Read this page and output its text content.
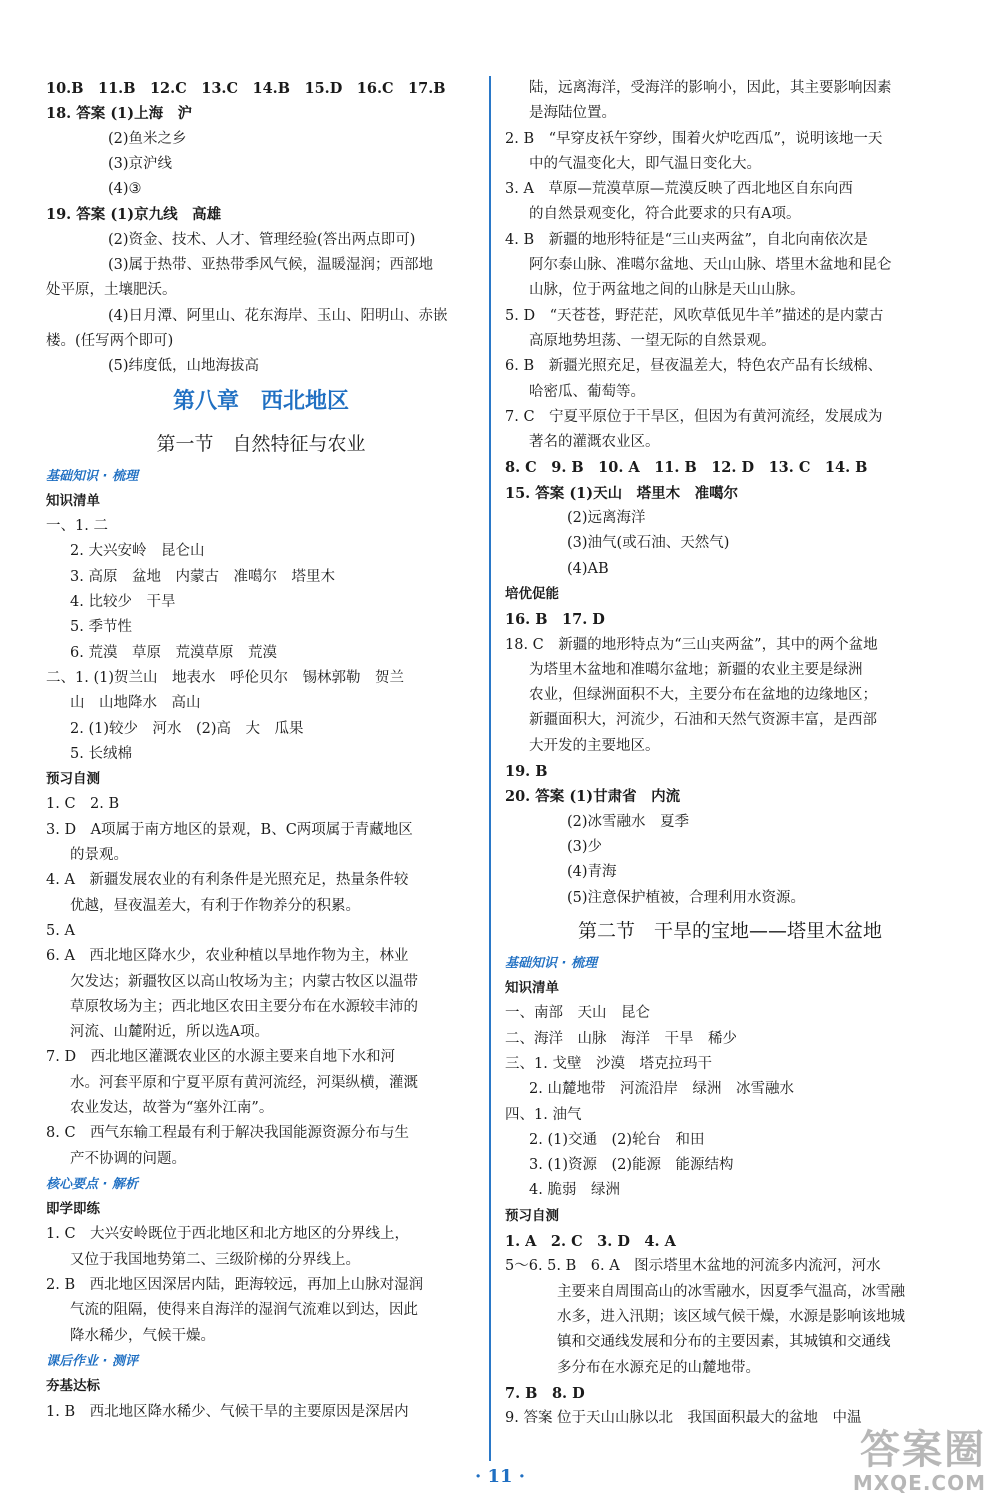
10.B　11.B　12.C　13.C　14.B　15.D　16.C　17.B
18. 答案 (1)上海　沪
(2)鱼米之乡
(3)京沪线
(4)③
19. 答案 (1)京九线　高雄
(2)资金、技术、人才、管理经验(答出两点即可)
(3)属于热带、亚热带季风气候，温暖湿润；西部地
处平原，土壤肥沃。
(4)日月潭、阿里山、花东海岸、玉山、阳明山、赤嵌
楼。(任写两个即可)
(5)纬度低，山地海拔高
第八章　西北地区
第一节　自然特征与农业
基础知识 · 梳理
知识清单
一、1. 二
2. 大兴安岭　昆仑山
3. 高原　盆地　内蒙古　准噶尔　塔里木
4. 比较少　干旱
5. 季节性
6. 荒漠　草原　荒漠草原　荒漠
二、1. (1)贺兰山　地表水　呼伦贝尔　锡林郭勒　贺兰
山　山地降水　高山
2. (1)较少　河水　(2)高　大　瓜果
5. 长绒棉
预习自测
1. C　2. B
3. D　A项属于南方地区的景观，B、C两项属于青藏地区
的景观。
4. A　新疆发展农业的有利条件是光照充足，热量条件较
优越，昼夜温差大，有利于作物养分的积累。
5. A
6. A　西北地区降水少，农业种植以旱地作物为主，林业
欠发达；新疆牧区以高山牧场为主；内蒙古牧区以温带
草原牧场为主；西北地区农田主要分布在水源较丰沛的
河流、山麓附近，所以选A项。
7. D　西北地区灌溉农业区的水源主要来自地下水和河
水。河套平原和宁夏平原有黄河流经，河渠纵横，灌溉
农业发达，故誉为“塞外江南”。
8. C　西气东输工程最有利于解决我国能源资源分布与生
产不协调的问题。
核心要点 · 解析
即学即练
1. C　大兴安岭既位于西北地区和北方地区的分界线上，
又位于我国地势第二、三级阶梯的分界线上。
2. B　西北地区因深居内陆，距海较远，再加上山脉对湿润
气流的阻隔，使得来自海洋的湿润气流难以到达，因此
降水稀少，气候干燥。
课后作业 · 测评
夯基达标
1. B　西北地区降水稀少、气候干旱的主要原因是深居内
陆，远离海洋，受海洋的影响小，因此，其主要影响因素
是海陆位置。
2. B　“早穿皮袄午穿纱，围着火炉吃西瓜”，说明该地一天
中的气温变化大，即气温日变化大。
3. A　草原—荒漠草原—荒漠反映了西北地区自东向西
的自然景观变化，符合此要求的只有A项。
4. B　新疆的地形特征是“三山夹两盆”，自北向南依次是
阿尔泰山脉、准噶尔盆地、天山山脉、塔里木盆地和昆仑
山脉，位于两盆地之间的山脉是天山山脉。
5. D　“天苍苍，野茫茫，风吹草低见牛羊”描述的是内蒙古
高原地势坦荡、一望无际的自然景观。
6. B　新疆光照充足，昼夜温差大，特色农产品有长绒棉、
哈密瓜、葡萄等。
7. C　宁夏平原位于干旱区，但因为有黄河流经，发展成为
著名的灌溉农业区。
8. C　9. B　10. A　11. B　12. D　13. C　14. B
15. 答案 (1)天山　塔里木　准噶尔
(2)远离海洋
(3)油气(或石油、天然气)
(4)AB
培优促能
16. B　17. D
18. C　新疆的地形特点为“三山夹两盆”，其中的两个盆地
为塔里木盆地和准噶尔盆地；新疆的农业主要是绿洲
农业，但绿洲面积不大，主要分布在盆地的边缘地区；
新疆面积大，河流少，石油和天然气资源丰富，是西部
大开发的主要地区。
19. B
20. 答案 (1)甘肃省　内流
(2)冰雪融水　夏季
(3)少
(4)青海
(5)注意保护植被，合理利用水资源。
第二节　干旱的宝地——塔里木盆地
基础知识 · 梳理
知识清单
一、南部　天山　昆仑
二、海洋　山脉　海洋　干旱　稀少
三、1. 戈壁　沙漠　塔克拉玛干
2. 山麓地带　河流沿岸　绿洲　冰雪融水
四、1. 油气
2. (1)交通　(2)轮台　和田
3. (1)资源　(2)能源　能源结构
4. 脆弱　绿洲
预习自测
1. A　2. C　3. D　4. A
5～6. 5. B　6. A　图示塔里木盆地的河流多内流河，河水
主要来自周围高山的冰雪融水，因夏季气温高，冰雪融
水多，进入汛期；该区域气候干燥，水源是影响该地城
镇和交通线发展和分布的主要因素，其城镇和交通线
多分布在水源充足的山麓地带。
7. B　8. D
9. 答案 位于天山山脉以北　我国面积最大的盆地　中温
· 11 ·
答案圈
MXQE.COM
